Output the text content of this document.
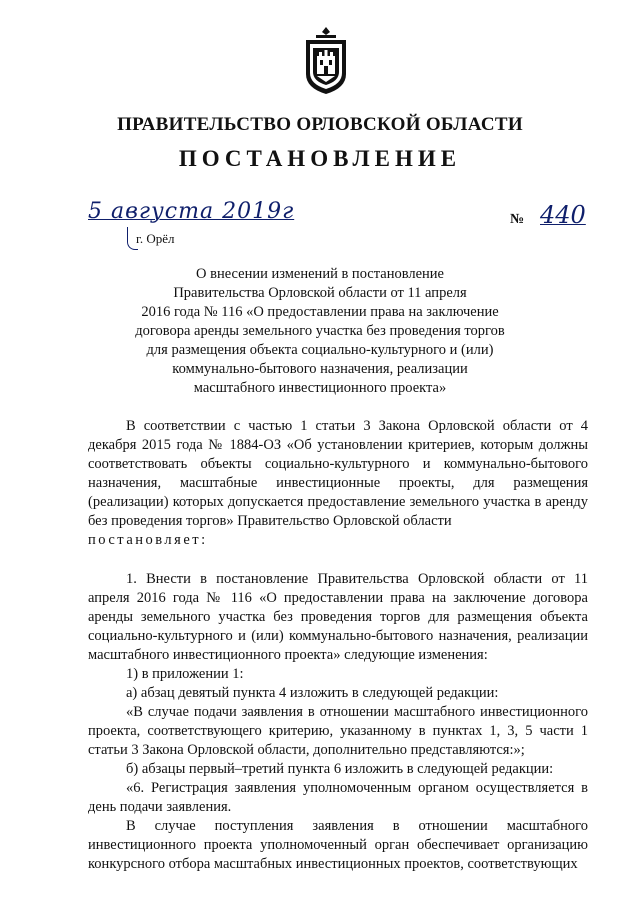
ПРАВИТЕЛЬСТВО ОРЛОВСКОЙ ОБЛАСТИ
ПОСТАНОВЛЕНИЕ
5 августа 2019г
г. Орёл
№ 440
О внесении изменений в постановление
Правительства Орловской области от 11 апреля
2016 года № 116 «О предоставлении права на заключение
договора аренды земельного участка без проведения торгов
для размещения объекта социально-культурного и (или)
коммунально-бытового назначения, реализации
масштабного инвестиционного проекта»

В соответствии с частью 1 статьи 3 Закона Орловской области от 4 декабря 2015 года № 1884-ОЗ «Об установлении критериев, которым должны соответствовать объекты социально-культурного и коммунально-бытового назначения, масштабные инвестиционные проекты, для размещения (реализации) которых допускается предоставление земельного участка в аренду без проведения торгов» Правительство Орловской области

постановляет:

1. Внести в постановление Правительства Орловской области от 11 апреля 2016 года № 116 «О предоставлении права на заключение договора аренды земельного участка без проведения торгов для размещения объекта социально-культурного и (или) коммунально-бытового назначения, реализации масштабного инвестиционного проекта» следующие изменения:

1) в приложении 1:

а) абзац девятый пункта 4 изложить в следующей редакции:

«В случае подачи заявления в отношении масштабного инвестиционного проекта, соответствующего критерию, указанному в пунктах 1, 3, 5 части 1 статьи 3 Закона Орловской области, дополнительно представляются:»;

б) абзацы первый–третий пункта 6 изложить в следующей редакции:

«6. Регистрация заявления уполномоченным органом осуществляется в день подачи заявления.

В случае поступления заявления в отношении масштабного инвестиционного проекта уполномоченный орган обеспечивает организацию конкурсного отбора масштабных инвестиционных проектов, соответствующих
